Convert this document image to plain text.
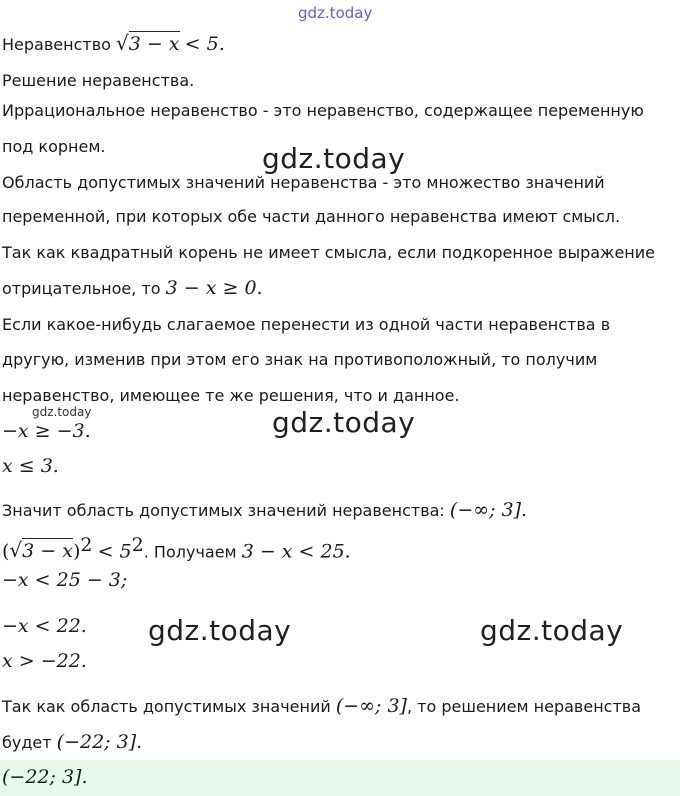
gdz.today
Неравенство √3 − x < 5.
Решение неравенства.
Иррациональное неравенство - это неравенство, содержащее переменную
под корнем.	gdz.today
Область допустимых значений неравенства - это множество значений
переменной, при которых обе части данного неравенства имеют смысл.
Так как квадратный корень не имеет смысла, если подкоренное выражение
отрицательное, то 3 − x ≥ 0.
Если какое-нибудь слагаемое перенести из одной части неравенства в
другую, изменив при этом его знак на противоположный, то получим
неравенство, имеющее те же решения, что и данное.
gdz.today	gdz.today
−x ≥ −3.
x ≤ 3.
Значит область допустимых значений неравенства: (−∞; 3].
$(√3 - x)^2 < 5^2$. Получаем 3 − x < 25.
−x < 25 − 3;
gdz.today	gdz.today
−x < 22.
x > −22.
Так как область допустимых значений (−∞; 3], то решением неравенства
будет (−22; 3].
(−22; 3].
